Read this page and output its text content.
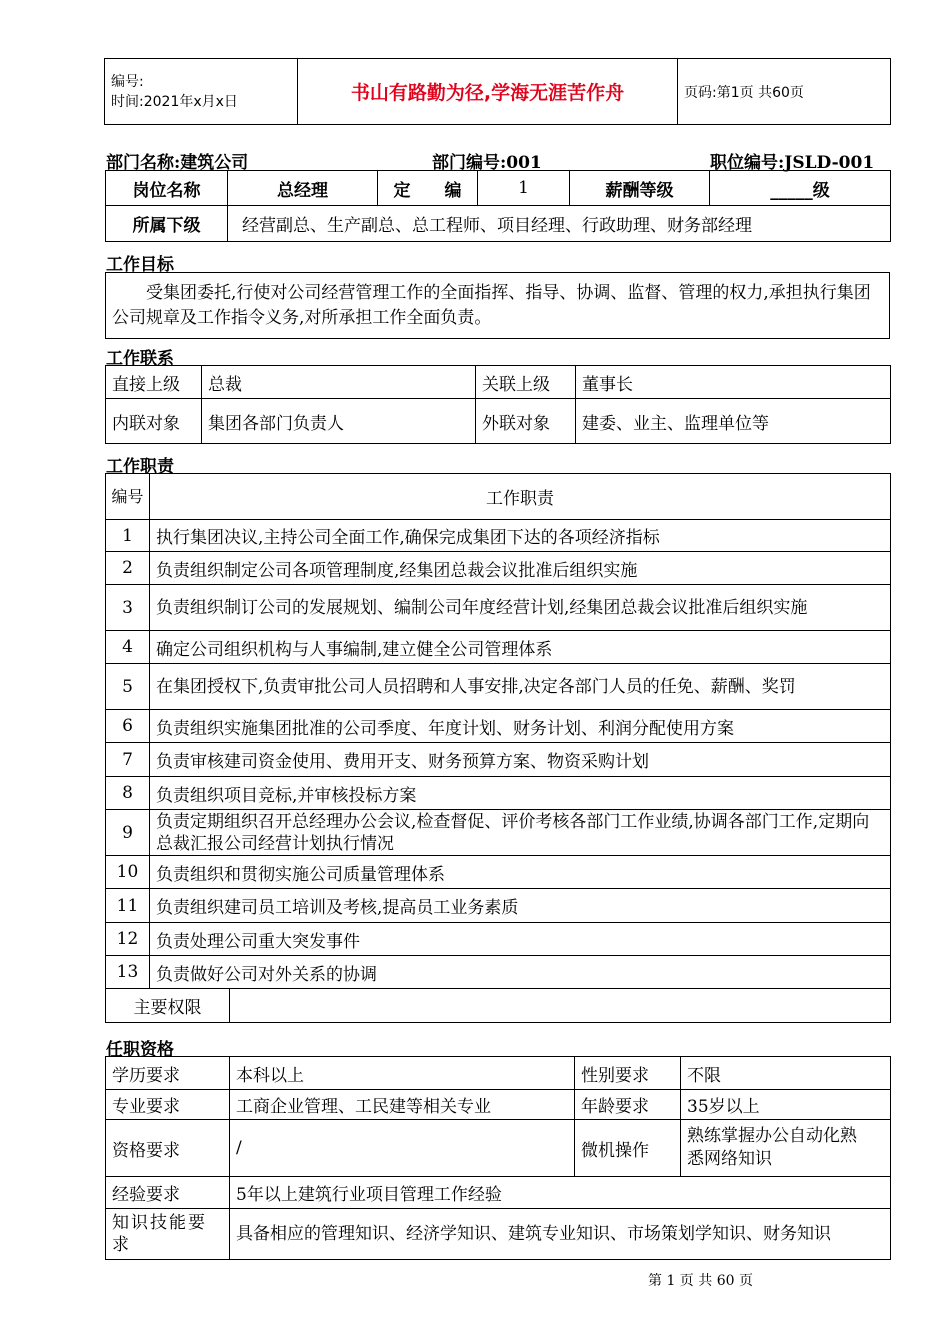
编号:
时间:2021年x月x日	书山有路勤为径,学海无涯苦作舟	页码:第1页 共60页
部门名称:建筑公司	部门编号:001	职位编号:JSLD-001
岗位名称	总经理	定　　编	1	薪酬等级	_____级
所属下级	经营副总、生产副总、总工程师、项目经理、行政助理、财务部经理				
工作目标
受集团委托,行使对公司经营管理工作的全面指挥、指导、协调、监督、管理的权力,承担执行集团公司规章及工作指令义务,对所承担工作全面负责。
工作联系
直接上级	总裁	关联上级	董事长
内联对象	集团各部门负责人	外联对象	建委、业主、监理单位等
工作职责
编号	工作职责	
1	执行集团决议,主持公司全面工作,确保完成集团下达的各项经济指标	
2	负责组织制定公司各项管理制度,经集团总裁会议批准后组织实施	
3	负责组织制订公司的发展规划、编制公司年度经营计划,经集团总裁会议批准后组织实施	
4	确定公司组织机构与人事编制,建立健全公司管理体系	
5	在集团授权下,负责审批公司人员招聘和人事安排,决定各部门人员的任免、薪酬、奖罚	
6	负责组织实施集团批准的公司季度、年度计划、财务计划、利润分配使用方案	
7	负责审核建司资金使用、费用开支、财务预算方案、物资采购计划	
8	负责组织项目竞标,并审核投标方案	
9	负责定期组织召开总经理办公会议,检查督促、评价考核各部门工作业绩,协调各部门工作,定期向总裁汇报公司经营计划执行情况	
10	负责组织和贯彻实施公司质量管理体系	
11	负责组织建司员工培训及考核,提高员工业务素质	
12	负责处理公司重大突发事件	
13	负责做好公司对外关系的协调	
主要权限		
任职资格
学历要求	本科以上	性别要求	不限
专业要求	工商企业管理、工民建等相关专业	年龄要求	35岁以上
资格要求	/	微机操作	熟练掌握办公自动化熟悉网络知识
经验要求	5年以上建筑行业项目管理工作经验		
知识技能要求	具备相应的管理知识、经济学知识、建筑专业知识、市场策划学知识、财务知识		
第 1 页 共 60 页
